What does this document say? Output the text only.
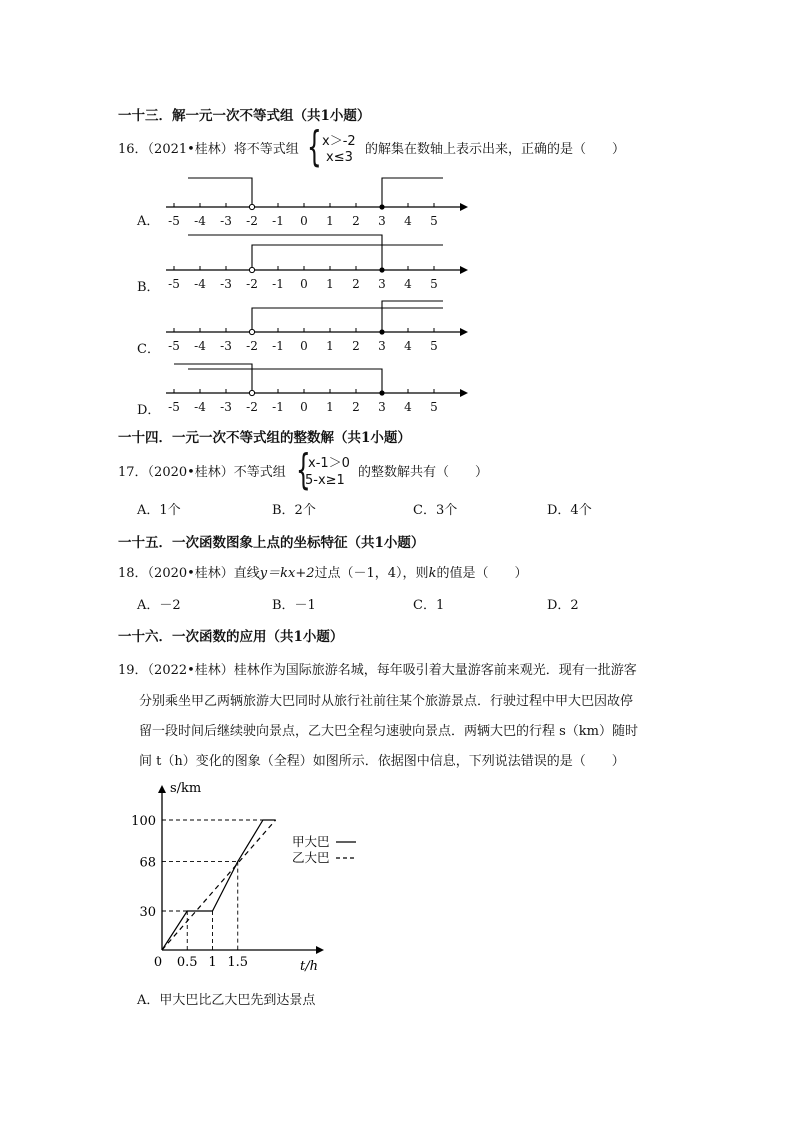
一十三．解一元一次不等式组（共1小题）
16．（2021•桂林）将不等式组 { x＞-2
x≤3
的解集在数轴上表示出来，正确的是（　　）
A．
B．
C．
D．
-5 -4 -3 -2 -1 0 1 2 3 4 5
-5 -4 -3 -2 -1 0 1 2 3 4 5
-5 -4 -3 -2 -1 0 1 2 3 4 5
-5 -4 -3 -2 -1 0 1 2 3 4 5
一十四．一元一次不等式组的整数解（共1小题）
17．（2020•桂林）不等式组 {
x-1＞0
5-x≥1
的整数解共有（　　）
A．1个	B．2个	C．3个	D．4个
一十五．一次函数图象上点的坐标特征（共1小题）
18．（2020•桂林）直线y＝kx+2过点（－1，4），则k的值是（　　）
A．－2	B．－1	C．1	D．2
一十六．一次函数的应用（共1小题）
19．（2022•桂林）桂林作为国际旅游名城，每年吸引着大量游客前来观光．现有一批游客
分别乘坐甲乙两辆旅游大巴同时从旅行社前往某个旅游景点．行驶过程中甲大巴因故停
留一段时间后继续驶向景点，乙大巴全程匀速驶向景点．两辆大巴的行程 s（km）随时
间 t（h）变化的图象（全程）如图所示．依据图中信息，下列说法错误的是（　　）
s/km
t/h
0 0.5 1 1.5
30
68
100
甲大巴
乙大巴
A．甲大巴比乙大巴先到达景点
